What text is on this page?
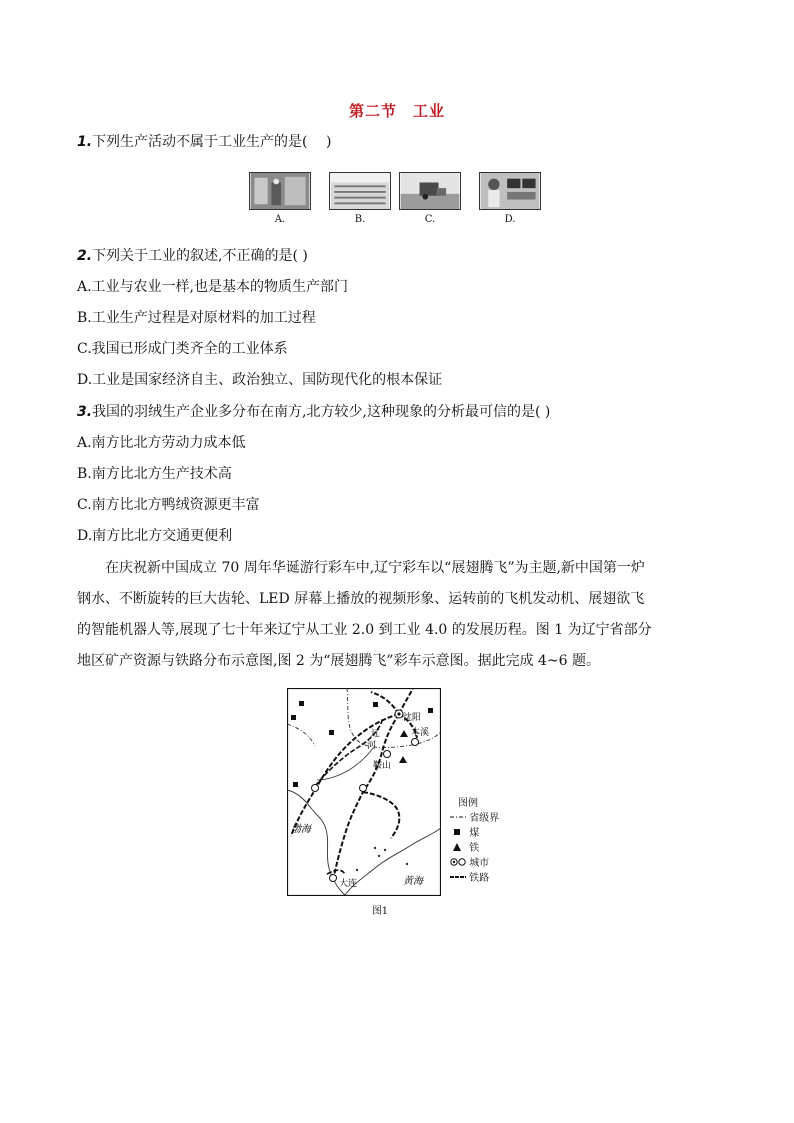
第二节　工业
1.下列生产活动不属于工业生产的是(　 )
A.	B.	C.	D.
2.下列关于工业的叙述,不正确的是( )
A.工业与农业一样,也是基本的物质生产部门
B.工业生产过程是对原材料的加工过程
C.我国已形成门类齐全的工业体系
D.工业是国家经济自主、政治独立、国防现代化的根本保证
3.我国的羽绒生产企业多分布在南方,北方较少,这种现象的分析最可信的是( )
A.南方比北方劳动力成本低
B.南方比北方生产技术高
C.南方比北方鸭绒资源更丰富
D.南方比北方交通更便利
　　在庆祝新中国成立 70 周年华诞游行彩车中,辽宁彩车以“展翅腾飞”为主题,新中国第一炉
钢水、不断旋转的巨大齿轮、LED 屏幕上播放的视频形象、运转前的飞机发动机、展翅欲飞
的智能机器人等,展现了七十年来辽宁从工业 2.0 到工业 4.0 的发展历程。图 1 为辽宁省部分
地区矿产资源与铁路分布示意图,图 2 为“展翅腾飞”彩车示意图。据此完成 4~6 题。
沈阳
本溪
鞍山
大连
渤海
黄海
辽
河
图1
图例
省级界
煤
铁
城市
铁路
